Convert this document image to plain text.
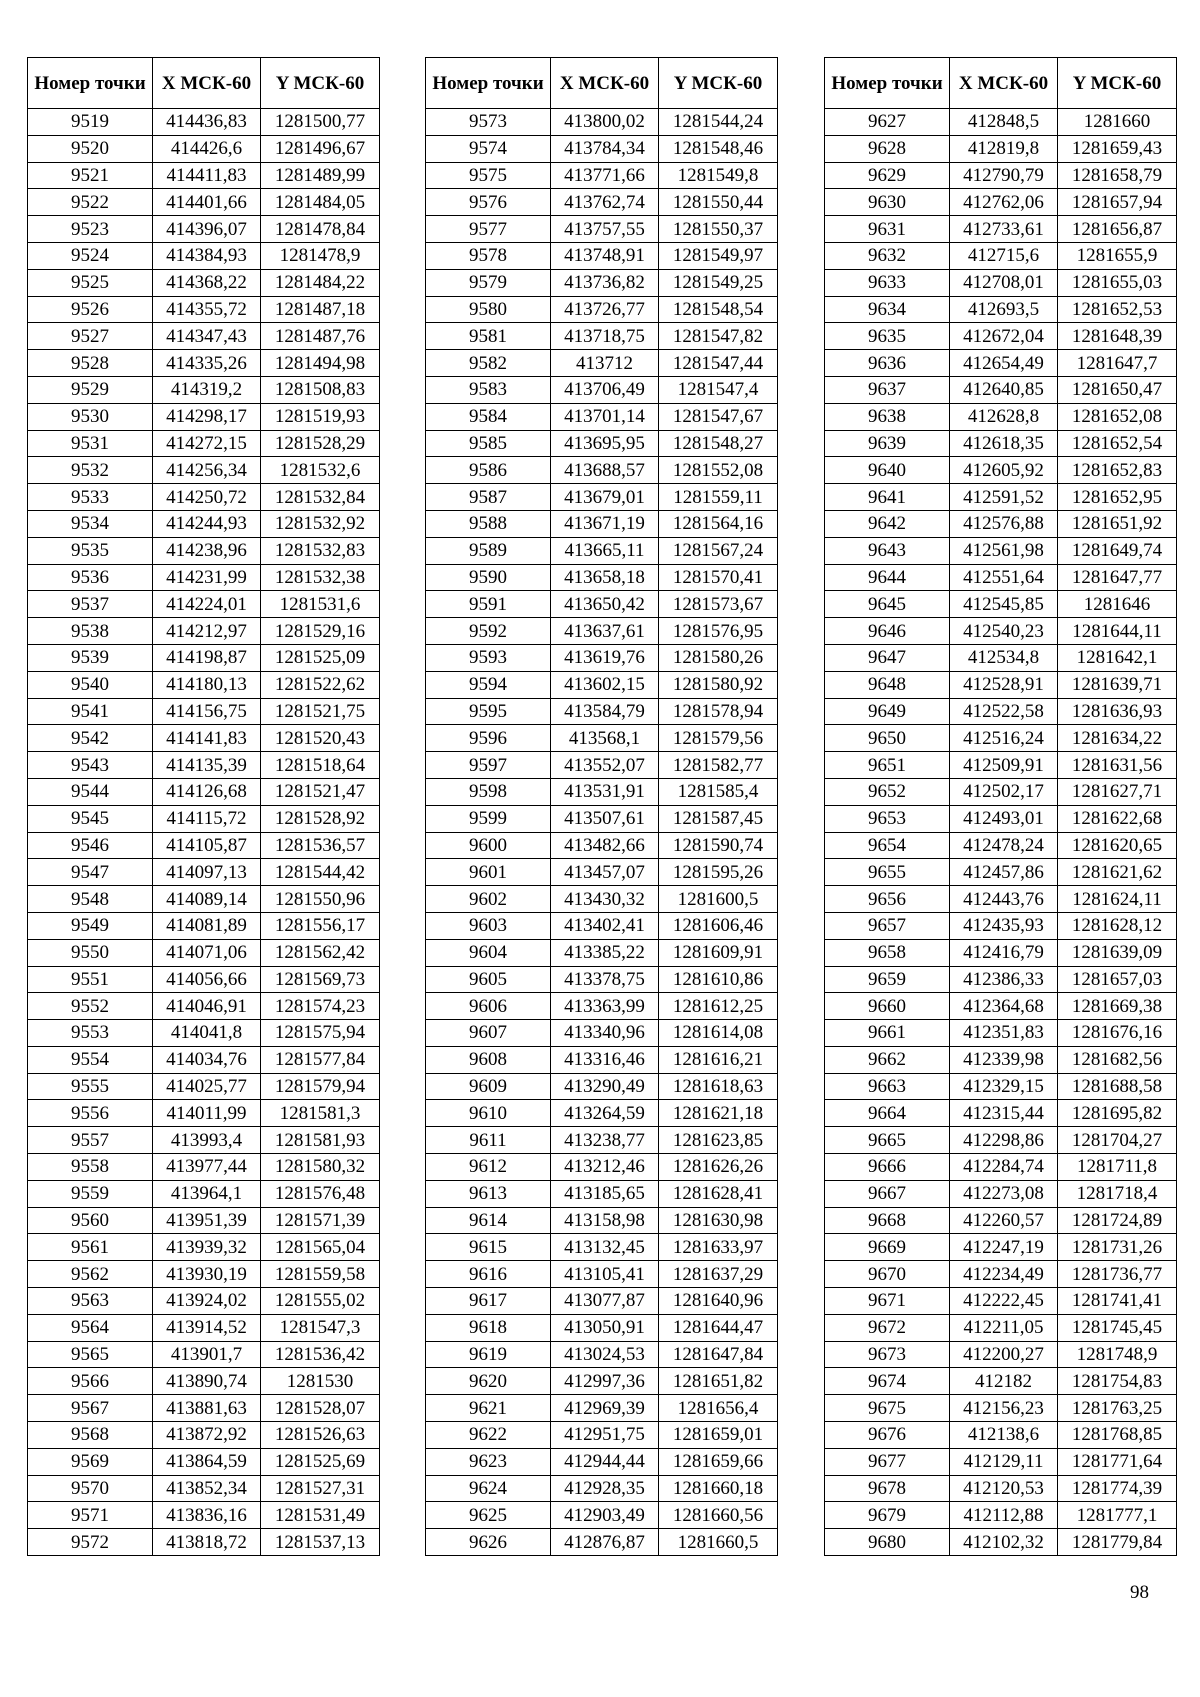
Номер точки	X МСК-60	Y МСК-60
9519	414436,83	1281500,77
9520	414426,6	1281496,67
9521	414411,83	1281489,99
9522	414401,66	1281484,05
9523	414396,07	1281478,84
9524	414384,93	1281478,9
9525	414368,22	1281484,22
9526	414355,72	1281487,18
9527	414347,43	1281487,76
9528	414335,26	1281494,98
9529	414319,2	1281508,83
9530	414298,17	1281519,93
9531	414272,15	1281528,29
9532	414256,34	1281532,6
9533	414250,72	1281532,84
9534	414244,93	1281532,92
9535	414238,96	1281532,83
9536	414231,99	1281532,38
9537	414224,01	1281531,6
9538	414212,97	1281529,16
9539	414198,87	1281525,09
9540	414180,13	1281522,62
9541	414156,75	1281521,75
9542	414141,83	1281520,43
9543	414135,39	1281518,64
9544	414126,68	1281521,47
9545	414115,72	1281528,92
9546	414105,87	1281536,57
9547	414097,13	1281544,42
9548	414089,14	1281550,96
9549	414081,89	1281556,17
9550	414071,06	1281562,42
9551	414056,66	1281569,73
9552	414046,91	1281574,23
9553	414041,8	1281575,94
9554	414034,76	1281577,84
9555	414025,77	1281579,94
9556	414011,99	1281581,3
9557	413993,4	1281581,93
9558	413977,44	1281580,32
9559	413964,1	1281576,48
9560	413951,39	1281571,39
9561	413939,32	1281565,04
9562	413930,19	1281559,58
9563	413924,02	1281555,02
9564	413914,52	1281547,3
9565	413901,7	1281536,42
9566	413890,74	1281530
9567	413881,63	1281528,07
9568	413872,92	1281526,63
9569	413864,59	1281525,69
9570	413852,34	1281527,31
9571	413836,16	1281531,49
9572	413818,72	1281537,13
Номер точки	X МСК-60	Y МСК-60
9573	413800,02	1281544,24
9574	413784,34	1281548,46
9575	413771,66	1281549,8
9576	413762,74	1281550,44
9577	413757,55	1281550,37
9578	413748,91	1281549,97
9579	413736,82	1281549,25
9580	413726,77	1281548,54
9581	413718,75	1281547,82
9582	413712	1281547,44
9583	413706,49	1281547,4
9584	413701,14	1281547,67
9585	413695,95	1281548,27
9586	413688,57	1281552,08
9587	413679,01	1281559,11
9588	413671,19	1281564,16
9589	413665,11	1281567,24
9590	413658,18	1281570,41
9591	413650,42	1281573,67
9592	413637,61	1281576,95
9593	413619,76	1281580,26
9594	413602,15	1281580,92
9595	413584,79	1281578,94
9596	413568,1	1281579,56
9597	413552,07	1281582,77
9598	413531,91	1281585,4
9599	413507,61	1281587,45
9600	413482,66	1281590,74
9601	413457,07	1281595,26
9602	413430,32	1281600,5
9603	413402,41	1281606,46
9604	413385,22	1281609,91
9605	413378,75	1281610,86
9606	413363,99	1281612,25
9607	413340,96	1281614,08
9608	413316,46	1281616,21
9609	413290,49	1281618,63
9610	413264,59	1281621,18
9611	413238,77	1281623,85
9612	413212,46	1281626,26
9613	413185,65	1281628,41
9614	413158,98	1281630,98
9615	413132,45	1281633,97
9616	413105,41	1281637,29
9617	413077,87	1281640,96
9618	413050,91	1281644,47
9619	413024,53	1281647,84
9620	412997,36	1281651,82
9621	412969,39	1281656,4
9622	412951,75	1281659,01
9623	412944,44	1281659,66
9624	412928,35	1281660,18
9625	412903,49	1281660,56
9626	412876,87	1281660,5
Номер точки	X МСК-60	Y МСК-60
9627	412848,5	1281660
9628	412819,8	1281659,43
9629	412790,79	1281658,79
9630	412762,06	1281657,94
9631	412733,61	1281656,87
9632	412715,6	1281655,9
9633	412708,01	1281655,03
9634	412693,5	1281652,53
9635	412672,04	1281648,39
9636	412654,49	1281647,7
9637	412640,85	1281650,47
9638	412628,8	1281652,08
9639	412618,35	1281652,54
9640	412605,92	1281652,83
9641	412591,52	1281652,95
9642	412576,88	1281651,92
9643	412561,98	1281649,74
9644	412551,64	1281647,77
9645	412545,85	1281646
9646	412540,23	1281644,11
9647	412534,8	1281642,1
9648	412528,91	1281639,71
9649	412522,58	1281636,93
9650	412516,24	1281634,22
9651	412509,91	1281631,56
9652	412502,17	1281627,71
9653	412493,01	1281622,68
9654	412478,24	1281620,65
9655	412457,86	1281621,62
9656	412443,76	1281624,11
9657	412435,93	1281628,12
9658	412416,79	1281639,09
9659	412386,33	1281657,03
9660	412364,68	1281669,38
9661	412351,83	1281676,16
9662	412339,98	1281682,56
9663	412329,15	1281688,58
9664	412315,44	1281695,82
9665	412298,86	1281704,27
9666	412284,74	1281711,8
9667	412273,08	1281718,4
9668	412260,57	1281724,89
9669	412247,19	1281731,26
9670	412234,49	1281736,77
9671	412222,45	1281741,41
9672	412211,05	1281745,45
9673	412200,27	1281748,9
9674	412182	1281754,83
9675	412156,23	1281763,25
9676	412138,6	1281768,85
9677	412129,11	1281771,64
9678	412120,53	1281774,39
9679	412112,88	1281777,1
9680	412102,32	1281779,84
98
